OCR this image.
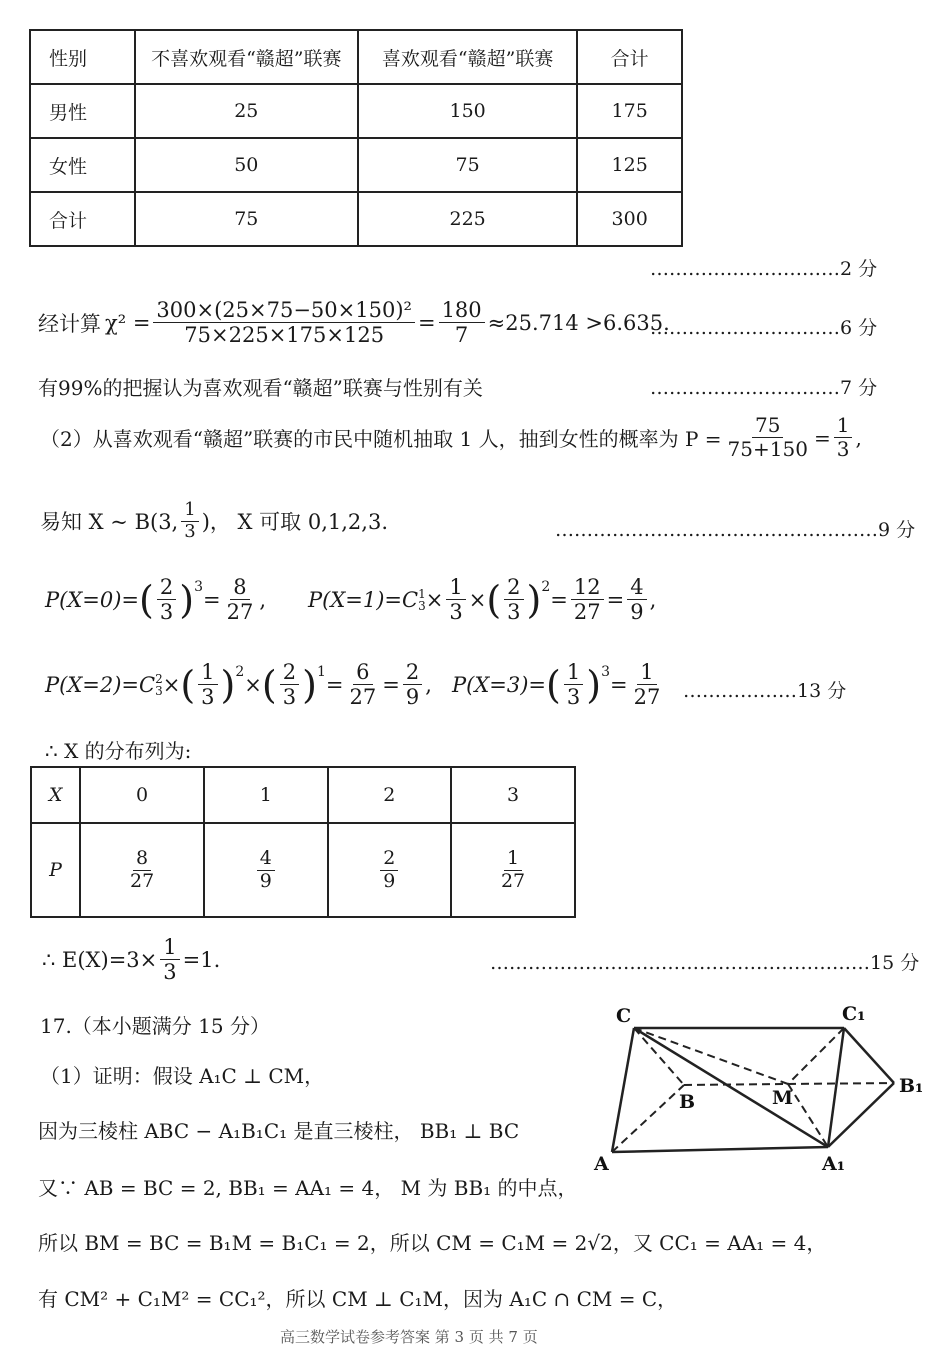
性别	不喜欢观看“赣超”联赛	喜欢观看“赣超”联赛	合计
男性	25	150	175
女性	50	75	125
合计	75	225	300
…………………………2 分
经计算 $\chi^2 = \frac{\text{300×(25×75−50×150)²}}{75\times 225\times 175\times 125} = \frac{180}{7} \approx 25.714 >6.635$.
…………………………6 分
有99%的把握认为喜欢观看“赣超”联赛与性别有关	…………………………7 分
（2）从喜欢观看“赣超”联赛的市民中随机抽取 1 人，抽到女性的概率为 $P = \frac{75}{75+150} = \frac{1}{3}$ ,
易知 X ~ B(3, $\frac{1}{3}$ )， X 可取 0,1,2,3.	……………………………………………9 分
P(X=0)= ( $\frac{2}{3} )^3$
= $\frac{8}{27}$ , P(X=1)=C 1
$3 \times \frac{1}{3}$ × ( $\frac{2}{3} )^2$
= $\frac{12}{27} = \frac{4}{9}$ ,
P(X=2)=C 2
3 × ( $\frac{1}{3} )^2$
× ( $\frac{2}{3} )^1$
= $\frac{6}{27} = \frac{2}{9}$ , P(X=3)= ( $\frac{1}{3} )^3$
= $\frac{1}{27}$ ………………13 分
∴ X 的分布列为:
X	0	1	2	3
P	$\frac{8}{27}$	$\frac{4}{9}$	$\frac{2}{9}$	$\frac{1}{27}$
∴ $E(X)=3\times \frac{1}{3} =1$.	……………………………………………………15 分
17.（本小题满分 15 分）
（1）证明：假设 A₁C ⊥ CM，
因为三棱柱 ABC − A₁B₁C₁ 是直三棱柱， BB₁ ⊥ BC
又∵ AB = BC = 2, BB₁ = AA₁ = 4， M 为 BB₁ 的中点，
所以 BM = BC = B₁M = B₁C₁ = 2，所以 CM = C₁M = 2√2，又 CC₁ = AA₁ = 4，
有 CM² + C₁M² = CC₁²，所以 CM ⊥ C₁M，因为 A₁C ∩ CM = C，
C	C₁
B
B₁
M
A	A₁
高三数学试卷参考答案 第 3 页 共 7 页
